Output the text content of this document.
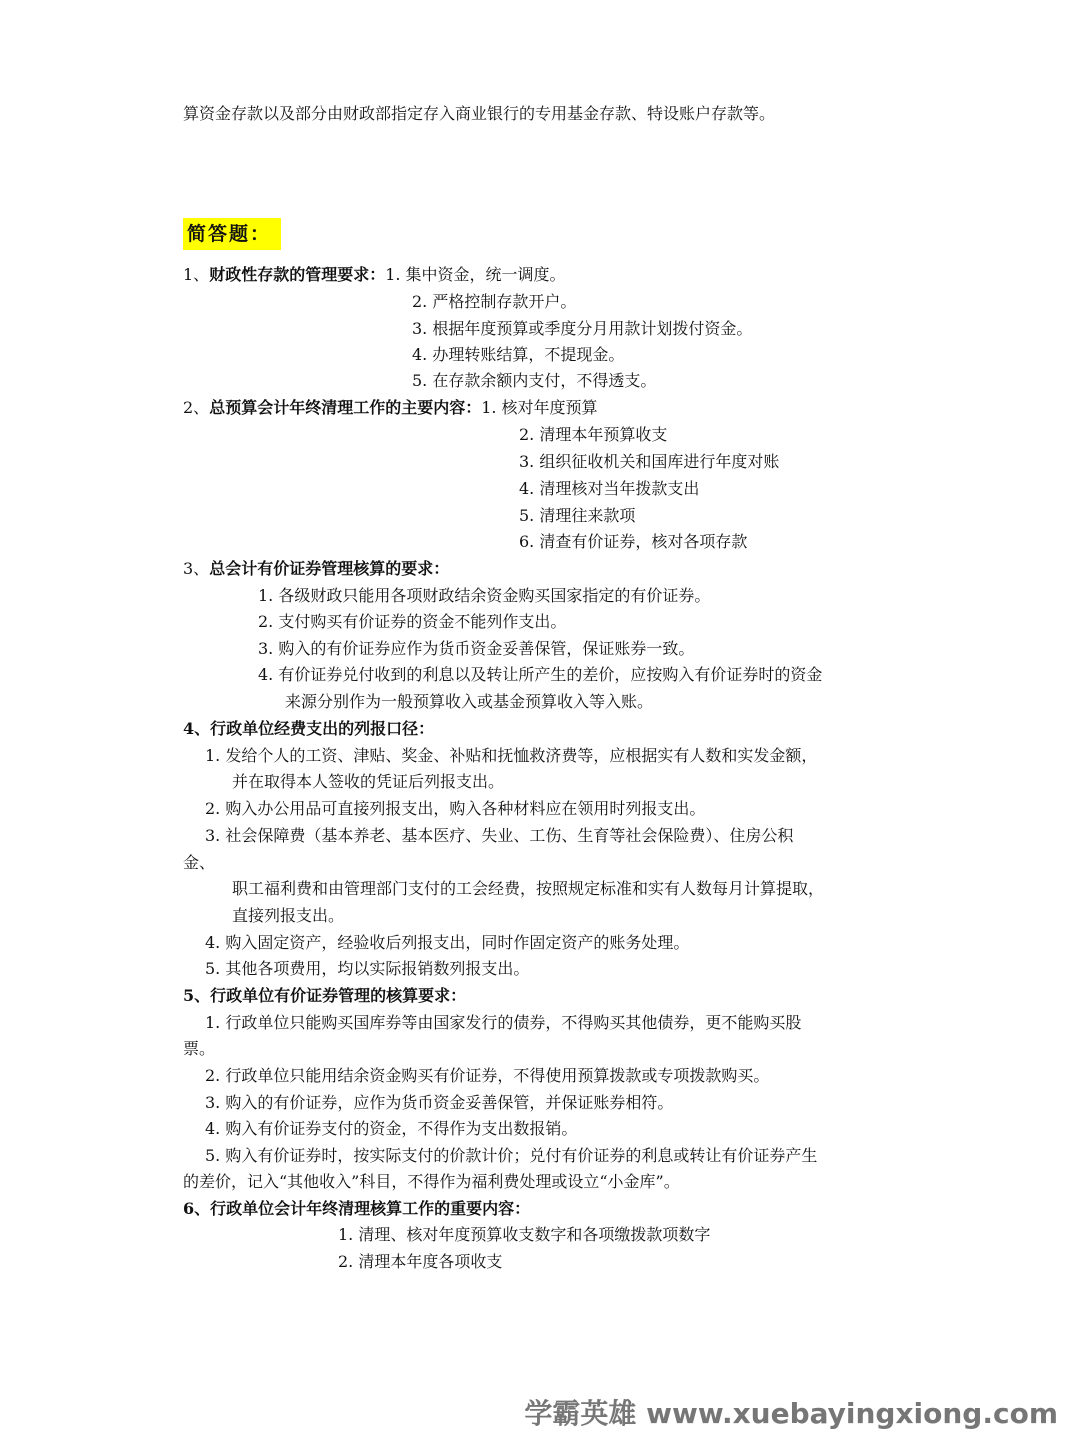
算资金存款以及部分由财政部指定存入商业银行的专用基金存款、特设账户存款等。
简答题：
1、财政性存款的管理要求：1. 集中资金，统一调度。
2. 严格控制存款开户。
3. 根据年度预算或季度分月用款计划拨付资金。
4. 办理转账结算，不提现金。
5. 在存款余额内支付，不得透支。
2、总预算会计年终清理工作的主要内容：1. 核对年度预算
2. 清理本年预算收支
3. 组织征收机关和国库进行年度对账
4. 清理核对当年拨款支出
5. 清理往来款项
6. 清查有价证券，核对各项存款
3、总会计有价证券管理核算的要求：
1. 各级财政只能用各项财政结余资金购买国家指定的有价证券。
2. 支付购买有价证券的资金不能列作支出。
3. 购入的有价证券应作为货币资金妥善保管，保证账券一致。
4. 有价证券兑付收到的利息以及转让所产生的差价，应按购入有价证券时的资金
来源分别作为一般预算收入或基金预算收入等入账。
4、行政单位经费支出的列报口径：
1. 发给个人的工资、津贴、奖金、补贴和抚恤救济费等，应根据实有人数和实发金额，
并在取得本人签收的凭证后列报支出。
2. 购入办公用品可直接列报支出，购入各种材料应在领用时列报支出。
3. 社会保障费（基本养老、基本医疗、失业、工伤、生育等社会保险费）、住房公积
金、
职工福利费和由管理部门支付的工会经费，按照规定标准和实有人数每月计算提取，
直接列报支出。
4. 购入固定资产，经验收后列报支出，同时作固定资产的账务处理。
5. 其他各项费用，均以实际报销数列报支出。
5、行政单位有价证券管理的核算要求：
1. 行政单位只能购买国库券等由国家发行的债券，不得购买其他债券，更不能购买股
票。
2. 行政单位只能用结余资金购买有价证券，不得使用预算拨款或专项拨款购买。
3. 购入的有价证券，应作为货币资金妥善保管，并保证账券相符。
4. 购入有价证券支付的资金，不得作为支出数报销。
5. 购入有价证券时，按实际支付的价款计价；兑付有价证券的利息或转让有价证券产生
的差价，记入“其他收入”科目，不得作为福利费处理或设立“小金库”。
6、行政单位会计年终清理核算工作的重要内容：
1. 清理、核对年度预算收支数字和各项缴拨款项数字
2. 清理本年度各项收支
学霸英雄 www.xuebayingxiong.com
